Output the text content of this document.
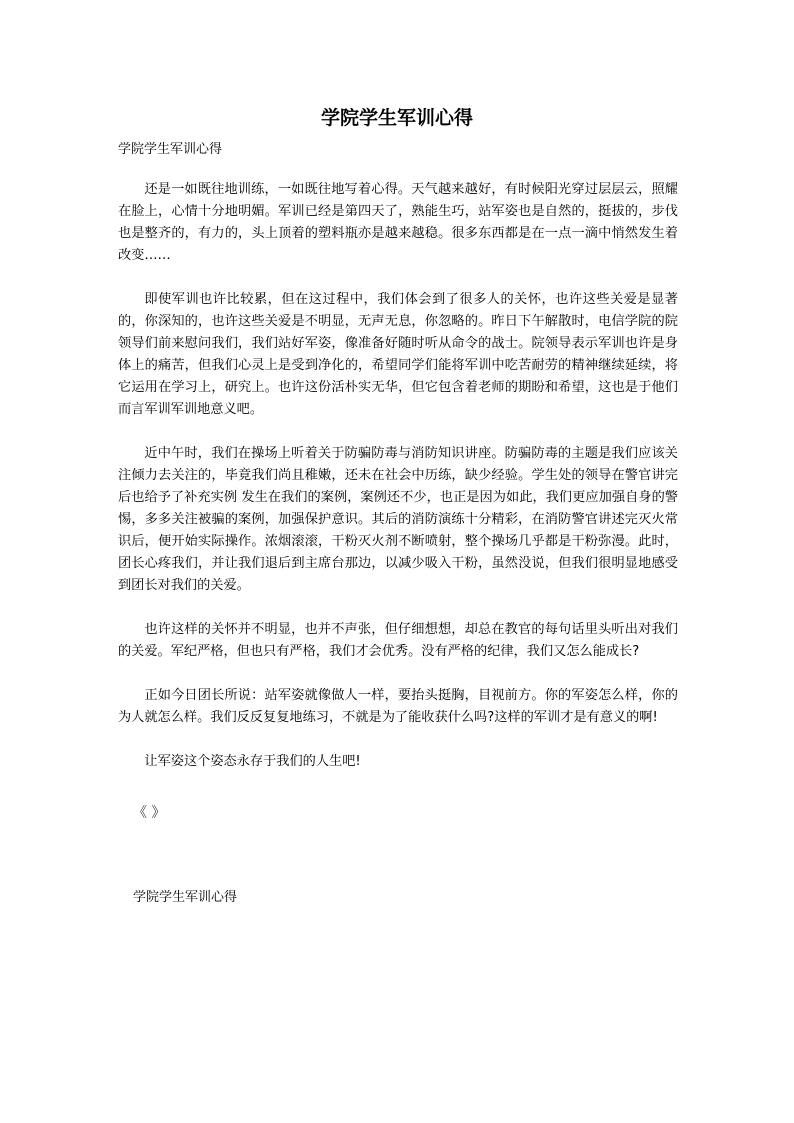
学院学生军训心得

学院学生军训心得

还是一如既往地训练，一如既往地写着心得。天气越来越好，有时候阳光穿过层层云，照耀在脸上，心情十分地明媚。军训已经是第四天了，熟能生巧，站军姿也是自然的，挺拔的，步伐也是整齐的，有力的，头上顶着的塑料瓶亦是越来越稳。很多东西都是在一点一滴中悄然发生着改变……

即使军训也许比较累，但在这过程中，我们体会到了很多人的关怀，也许这些关爱是显著的，你深知的，也许这些关爱是不明显，无声无息，你忽略的。昨日下午解散时，电信学院的院领导们前来慰问我们，我们站好军姿，像准备好随时听从命令的战士。院领导表示军训也许是身体上的痛苦，但我们心灵上是受到净化的，希望同学们能将军训中吃苦耐劳的精神继续延续，将它运用在学习上，研究上。也许这份活朴实无华，但它包含着老师的期盼和希望，这也是于他们而言军训军训地意义吧。

近中午时，我们在操场上听着关于防骗防毒与消防知识讲座。防骗防毒的主题是我们应该关注倾力去关注的，毕竟我们尚且稚嫩，还未在社会中历练，缺少经验。学生处的领导在警官讲完后也给予了补充实例 发生在我们的案例，案例还不少，也正是因为如此，我们更应加强自身的警惕，多多关注被骗的案例，加强保护意识。其后的消防演练十分精彩，在消防警官讲述完灭火常识后，便开始实际操作。浓烟滚滚，干粉灭火剂不断喷射，整个操场几乎都是干粉弥漫。此时，团长心疼我们，并让我们退后到主席台那边，以减少吸入干粉，虽然没说，但我们很明显地感受到团长对我们的关爱。

也许这样的关怀并不明显，也并不声张，但仔细想想，却总在教官的每句话里头听出对我们的关爱。军纪严格，但也只有严格，我们才会优秀。没有严格的纪律，我们又怎么能成长?

正如今日团长所说：站军姿就像做人一样，要抬头挺胸，目视前方。你的军姿怎么样，你的为人就怎么样。我们反反复复地练习，不就是为了能收获什么吗?这样的军训才是有意义的啊!

让军姿这个姿态永存于我们的人生吧!

《 》

学院学生军训心得
